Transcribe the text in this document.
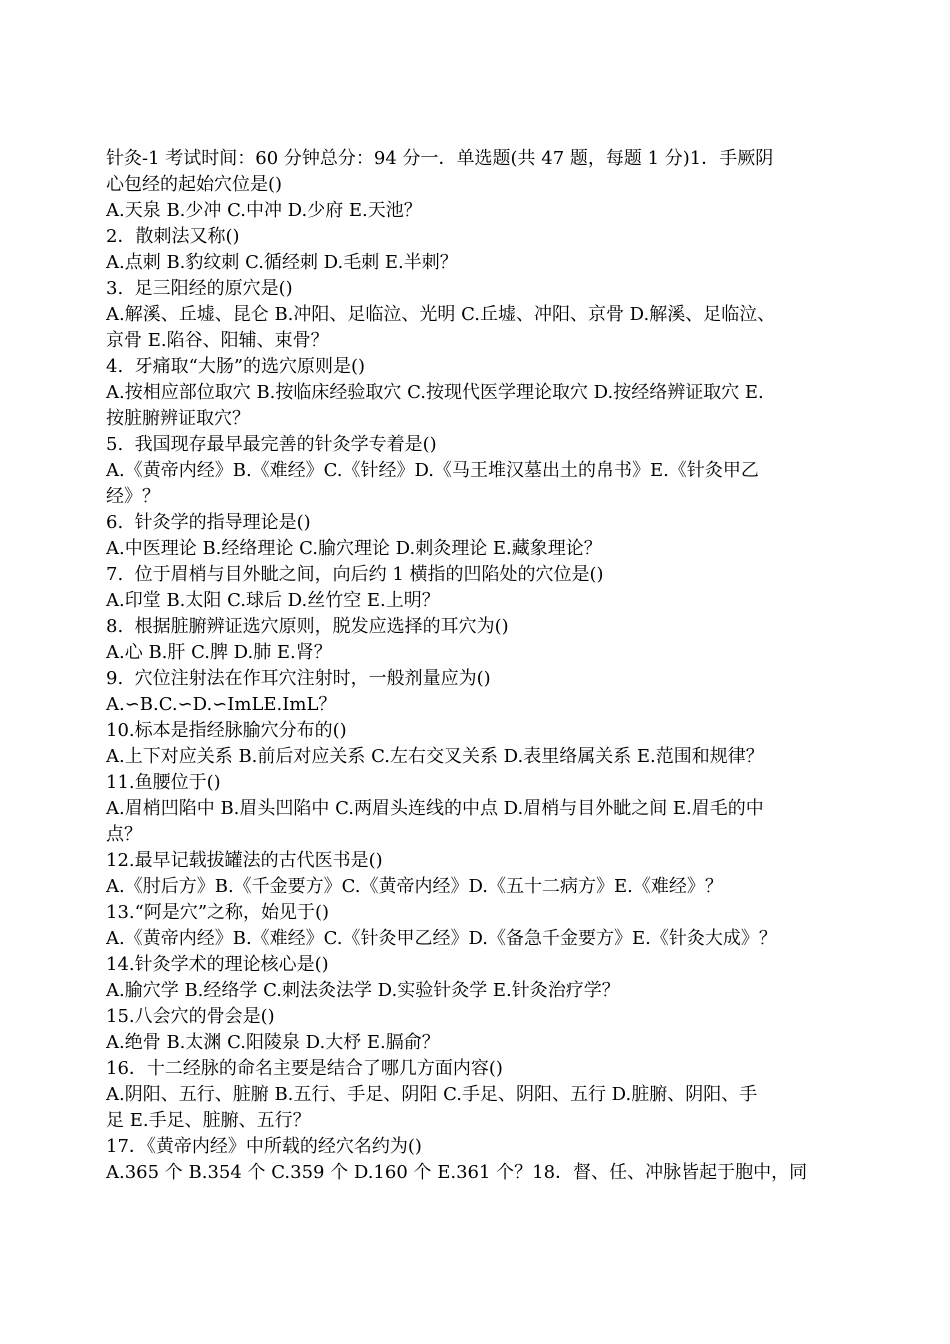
针灸-1 考试时间：60 分钟总分：94 分一．单选题(共 47 题，每题 1 分)1．手厥阴

心包经的起始穴位是()

A.天泉 B.少冲 C.中冲 D.少府 E.天池？

2．散刺法又称()

A.点刺 B.豹纹刺 C.循经刺 D.毛刺 E.半刺？

3.  足三阳经的原穴是()

A.解溪、丘墟、昆仑 B.冲阳、足临泣、光明 C.丘墟、冲阳、京骨 D.解溪、足临泣、

京骨 E.陷谷、阳辅、束骨？

4.  牙痛取“大肠”的选穴原则是()

A.按相应部位取穴 B.按临床经验取穴 C.按现代医学理论取穴 D.按经络辨证取穴 E.

按脏腑辨证取穴？

5.  我国现存最早最完善的针灸学专着是()

A.《黄帝内经》B.《难经》C.《针经》D.《马王堆汉墓出土的帛书》E.《针灸甲乙

经》？

6.  针灸学的指导理论是()

A.中医理论 B.经络理论 C.腧穴理论 D.刺灸理论 E.藏象理论？

7.  位于眉梢与目外眦之间，向后约 1 横指的凹陷处的穴位是()

A.印堂 B.太阳 C.球后 D.丝竹空 E.上明？

8.  根据脏腑辨证选穴原则，脱发应选择的耳穴为()

A.心 B.肝 C.脾 D.肺 E.肾？

9.  穴位注射法在作耳穴注射时，一般剂量应为()

A.∽B.C.∽D.∽ImLE.ImL？

10.标本是指经脉腧穴分布的()

A.上下对应关系 B.前后对应关系 C.左右交叉关系 D.表里络属关系 E.范围和规律？

11.鱼腰位于()

A.眉梢凹陷中 B.眉头凹陷中 C.两眉头连线的中点 D.眉梢与目外眦之间 E.眉毛的中

点？

12.最早记载拔罐法的古代医书是()

A.《肘后方》B.《千金要方》C.《黄帝内经》D.《五十二病方》E.《难经》？

13.“阿是穴”之称，始见于()

A.《黄帝内经》B.《难经》C.《针灸甲乙经》D.《备急千金要方》E.《针灸大成》？

14.针灸学术的理论核心是()

A.腧穴学 B.经络学 C.刺法灸法学 D.实验针灸学 E.针灸治疗学？

15.八会穴的骨会是()

A.绝骨 B.太渊 C.阳陵泉 D.大杼 E.膈俞？

16．十二经脉的命名主要是结合了哪几方面内容()

A.阴阳、五行、脏腑 B.五行、手足、阴阳 C.手足、阴阳、五行 D.脏腑、阴阳、手

足 E.手足、脏腑、五行？

17．《黄帝内经》中所载的经穴名约为()

A.365 个 B.354 个 C.359 个 D.160 个 E.361 个？18．督、任、冲脉皆起于胞中，同
